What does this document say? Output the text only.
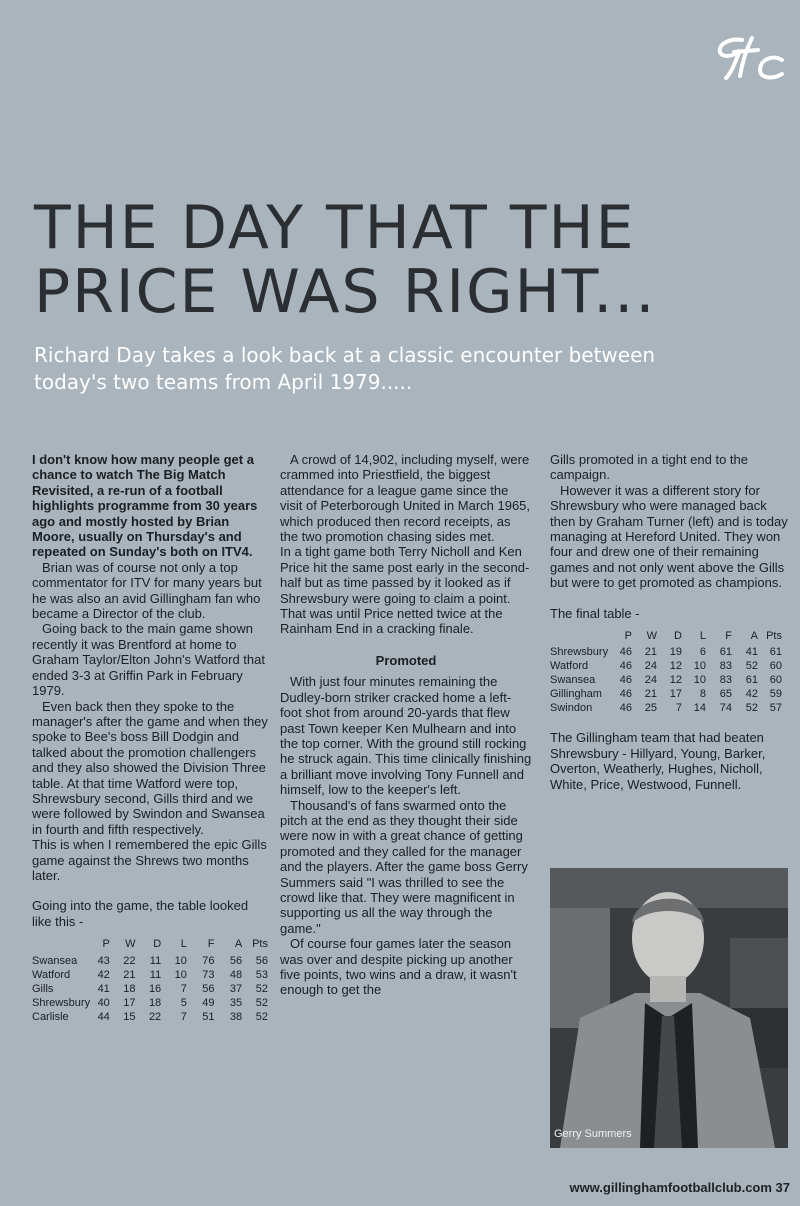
THE DAY THAT THE
PRICE WAS RIGHT...
Richard Day takes a look back at a classic encounter between
today's two teams from April 1979.....

I don't know how many people get a chance to watch The Big Match Revisited, a re-run of a football highlights programme from 30 years ago and mostly hosted by Brian Moore, usually on Thursday's and repeated on Sunday's both on ITV4.

Brian was of course not only a top commentator for ITV for many years but he was also an avid Gillingham fan who became a Director of the club.

Going back to the main game shown recently it was Brentford at home to Graham Taylor/Elton John's Watford that ended 3-3 at Griffin Park in February 1979.

Even back then they spoke to the manager's after the game and when they spoke to Bee's boss Bill Dodgin and talked about the promotion challengers and they also showed the Division Three table. At that time Watford were top, Shrewsbury second, Gills third and we were followed by Swindon and Swansea in fourth and fifth respectively.

This is when I remembered the epic Gills game against the Shrews two months later.

Going into the game, the table looked like this -

	P	W	D	L	F	A	Pts
Swansea	43	22	11	10	76	56	56
Watford	42	21	11	10	73	48	53
Gills	41	18	16	7	56	37	52
Shrewsbury	40	17	18	5	49	35	52
Carlisle	44	15	22	7	51	38	52

A crowd of 14,902, including myself, were crammed into Priestfield, the biggest attendance for a league game since the visit of Peterborough United in March 1965, which produced then record receipts, as the two promotion chasing sides met.

In a tight game both Terry Nicholl and Ken Price hit the same post early in the second-half but as time passed by it looked as if Shrewsbury were going to claim a point. That was until Price netted twice at the Rainham End in a cracking finale.

Promoted

With just four minutes remaining the Dudley-born striker cracked home a left-foot shot from around 20-yards that flew past Town keeper Ken Mulhearn and into the top corner. With the ground still rocking he struck again. This time clinically finishing a brilliant move involving Tony Funnell and himself, low to the keeper's left.

Thousand's of fans swarmed onto the pitch at the end as they thought their side were now in with a great chance of getting promoted and they called for the manager and the players. After the game boss Gerry Summers said "I was thrilled to see the crowd like that. They were magnificent in supporting us all the way through the game."

Of course four games later the season was over and despite picking up another five points, two wins and a draw, it wasn't enough to get the

Gills promoted in a tight end to the campaign.

However it was a different story for Shrewsbury who were managed back then by Graham Turner (left) and is today managing at Hereford United. They won four and drew one of their remaining games and not only went above the Gills but were to get promoted as champions.

The final table -

	P	W	D	L	F	A	Pts
Shrewsbury	46	21	19	6	61	41	61
Watford	46	24	12	10	83	52	60
Swansea	46	24	12	10	83	61	60
Gillingham	46	21	17	8	65	42	59
Swindon	46	25	7	14	74	52	57

The Gillingham team that had beaten Shrewsbury - Hillyard, Young, Barker, Overton, Weatherly, Hughes, Nicholl, White, Price, Westwood, Funnell.

Gerry Summers
www.gillinghamfootballclub.com 37
